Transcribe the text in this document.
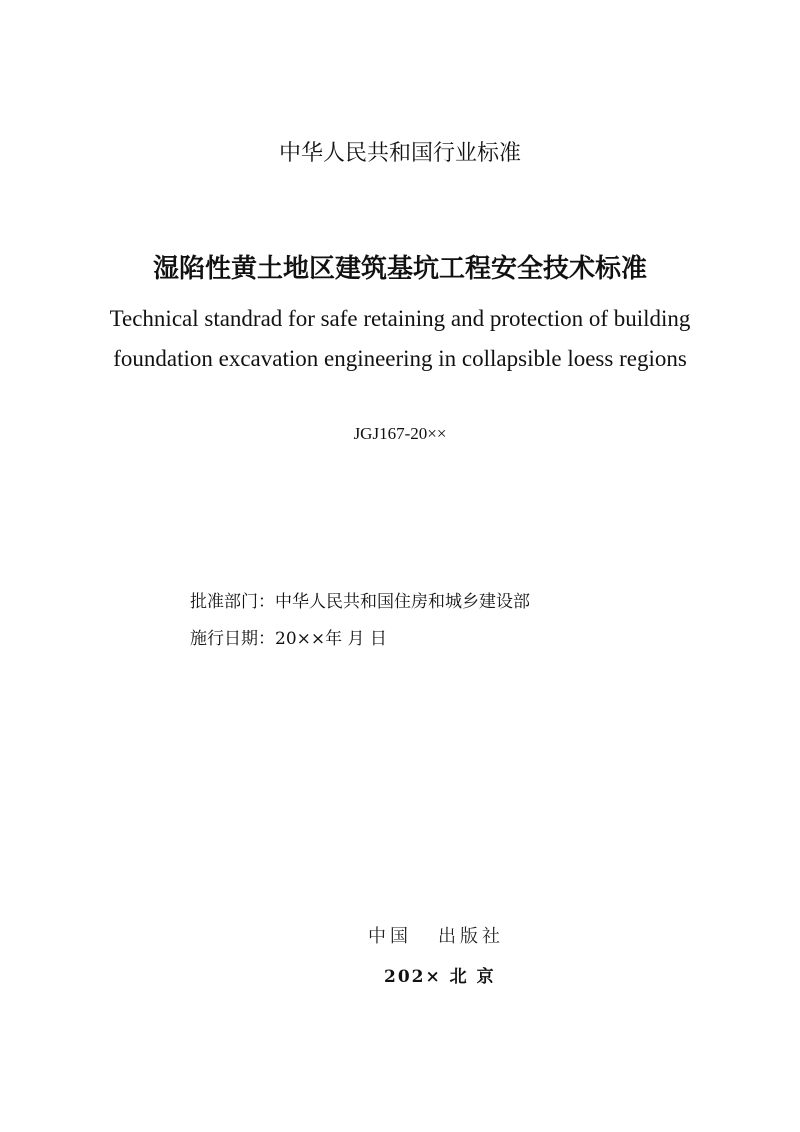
中华人民共和国行业标准
湿陷性黄土地区建筑基坑工程安全技术标准
Technical standrad for safe retaining and protection of building
foundation excavation engineering in collapsible loess regions
JGJ167-20××
批准部门：中华人民共和国住房和城乡建设部
施行日期：20××年 月 日
中国 出版社
202× 北 京
